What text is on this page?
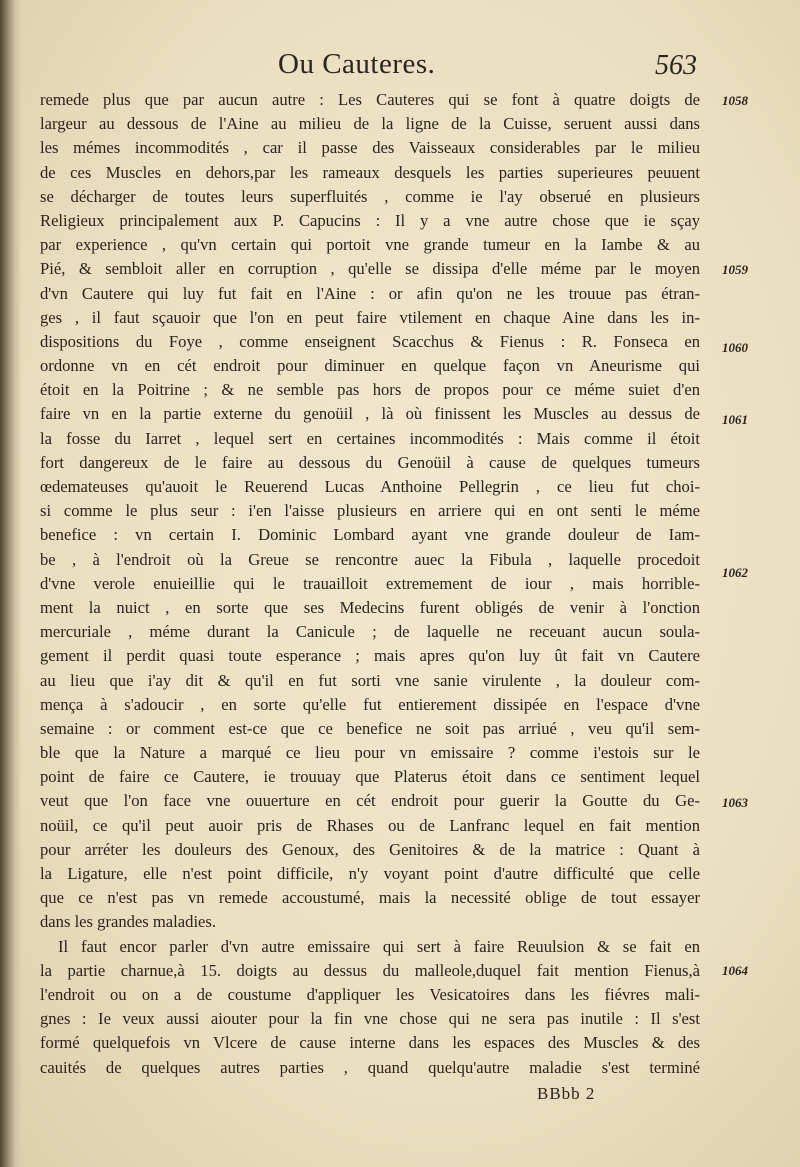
Ou Cauteres.	563
remede plus que par aucun autre : Les Cauteres qui se font à quatre doigts de
largeur au dessous de l'Aine au milieu de la ligne de la Cuisse, seruent aussi dans
les mémes incommodités , car il passe des Vaisseaux considerables par le milieu
de ces Muscles en dehors,par les rameaux desquels les parties superieures peuuent
se décharger de toutes leurs superfluités , comme ie l'ay obserué en plusieurs
Religieux principalement aux P. Capucins : Il y a vne autre chose que ie sçay
par experience , qu'vn certain qui portoit vne grande tumeur en la Iambe & au
Pié, & sembloit aller en corruption , qu'elle se dissipa d'elle méme par le moyen
d'vn Cautere qui luy fut fait en l'Aine : or afin qu'on ne les trouue pas étran-
ges , il faut sçauoir que l'on en peut faire vtilement en chaque Aine dans les in-
dispositions du Foye , comme enseignent Scacchus & Fienus : R. Fonseca en
ordonne vn en cét endroit pour diminuer en quelque façon vn Aneurisme qui
étoit en la Poitrine ; & ne semble pas hors de propos pour ce méme suiet d'en
faire vn en la partie externe du genoüil , là où finissent les Muscles au dessus de
la fosse du Iarret , lequel sert en certaines incommodités : Mais comme il étoit
fort dangereux de le faire au dessous du Genoüil à cause de quelques tumeurs
œdemateuses qu'auoit le Reuerend Lucas Anthoine Pellegrin , ce lieu fut choi-
si comme le plus seur : i'en l'aisse plusieurs en arriere qui en ont senti le méme
benefice : vn certain I. Dominic Lombard ayant vne grande douleur de Iam-
be , à l'endroit où la Greue se rencontre auec la Fibula , laquelle procedoit
d'vne verole enuieillie qui le trauailloit extremement de iour , mais horrible-
ment la nuict , en sorte que ses Medecins furent obligés de venir à l'onction
mercuriale , méme durant la Canicule ; de laquelle ne receuant aucun soula-
gement il perdit quasi toute esperance ; mais apres qu'on luy ût fait vn Cautere
au lieu que i'ay dit & qu'il en fut sorti vne sanie virulente , la douleur com-
mença à s'adoucir , en sorte qu'elle fut entierement dissipée en l'espace d'vne
semaine : or comment est-ce que ce benefice ne soit pas arriué , veu qu'il sem-
ble que la Nature a marqué ce lieu pour vn emissaire ? comme i'estois sur le
point de faire ce Cautere, ie trouuay que Platerus étoit dans ce sentiment lequel
veut que l'on face vne ouuerture en cét endroit pour guerir la Goutte du Ge-
noüil, ce qu'il peut auoir pris de Rhases ou de Lanfranc lequel en fait mention
pour arréter les douleurs des Genoux, des Genitoires & de la matrice : Quant à
la Ligature, elle n'est point difficile, n'y voyant point d'autre difficulté que celle
que ce n'est pas vn remede accoustumé, mais la necessité oblige de tout essayer
dans les grandes maladies.
Il faut encor parler d'vn autre emissaire qui sert à faire Reuulsion & se fait en
la partie charnue,à 15. doigts au dessus du malleole,duquel fait mention Fienus,à
l'endroit ou on a de coustume d'appliquer les Vesicatoires dans les fiévres mali-
gnes : Ie veux aussi aiouter pour la fin vne chose qui ne sera pas inutile : Il s'est
formé quelquefois vn Vlcere de cause interne dans les espaces des Muscles & des
cauités de quelques autres parties , quand quelqu'autre maladie s'est terminé
1058
1059
1060
1061
1062
1063
1064
BBbb 2
